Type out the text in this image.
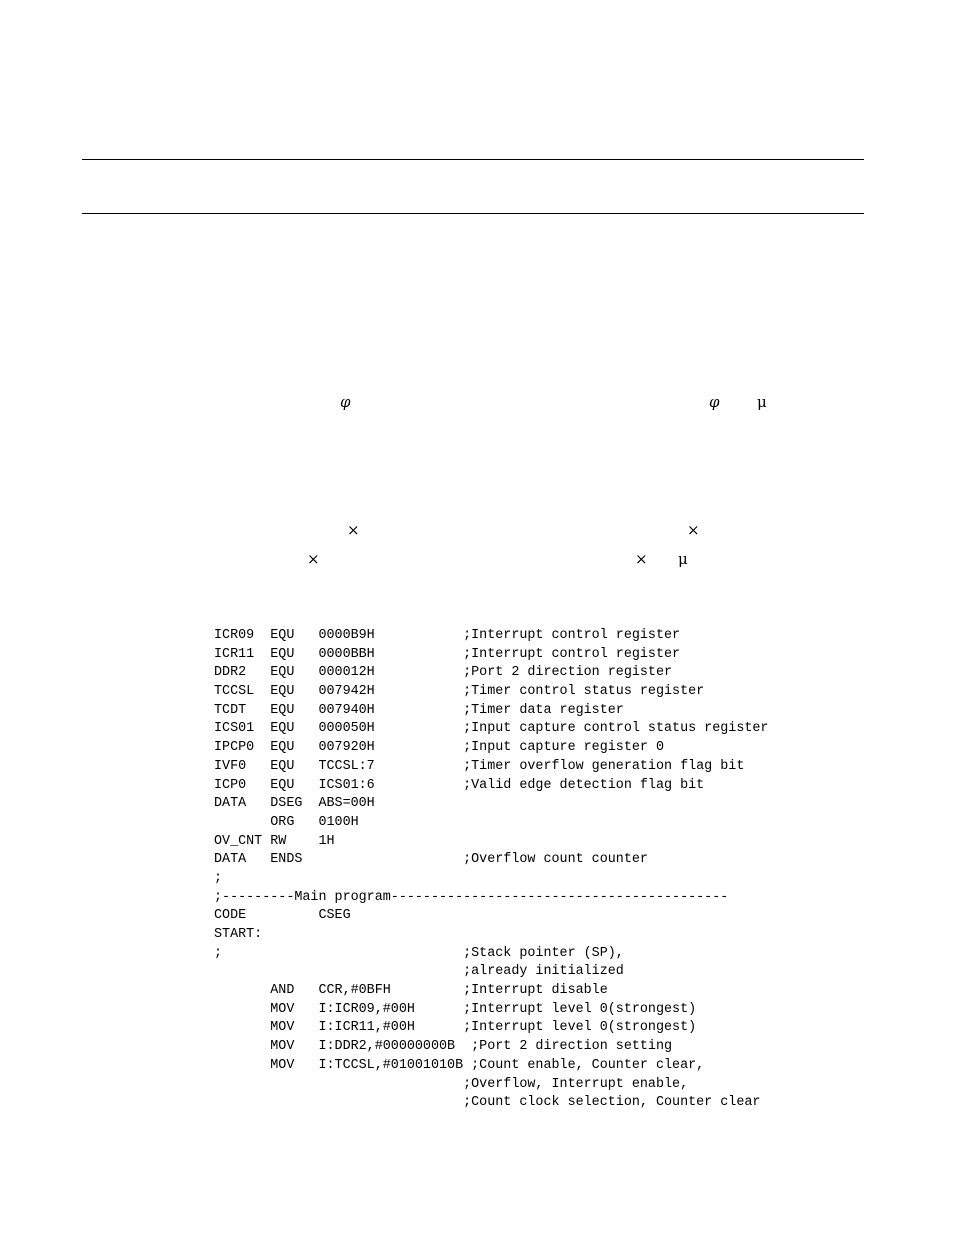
φ	φ μ
×	×
×	× μ
ICR09  EQU   0000B9H           ;Interrupt control register
ICR11  EQU   0000BBH           ;Interrupt control register
DDR2   EQU   000012H           ;Port 2 direction register
TCCSL  EQU   007942H           ;Timer control status register
TCDT   EQU   007940H           ;Timer data register
ICS01  EQU   000050H           ;Input capture control status register
IPCP0  EQU   007920H           ;Input capture register 0
IVF0   EQU   TCCSL:7           ;Timer overflow generation flag bit
ICP0   EQU   ICS01:6           ;Valid edge detection flag bit
DATA   DSEG  ABS=00H
ORG   0100H
OV_CNT RW    1H
DATA   ENDS                    ;Overflow count counter
;
;---------Main program------------------------------------------
CODE         CSEG
START:
;                              ;Stack pointer (SP),
;already initialized
AND   CCR,#0BFH         ;Interrupt disable
MOV   I:ICR09,#00H      ;Interrupt level 0(strongest)
MOV   I:ICR11,#00H      ;Interrupt level 0(strongest)
MOV   I:DDR2,#00000000B  ;Port 2 direction setting
MOV   I:TCCSL,#01001010B ;Count enable, Counter clear,
;Overflow, Interrupt enable,
;Count clock selection, Counter clear
